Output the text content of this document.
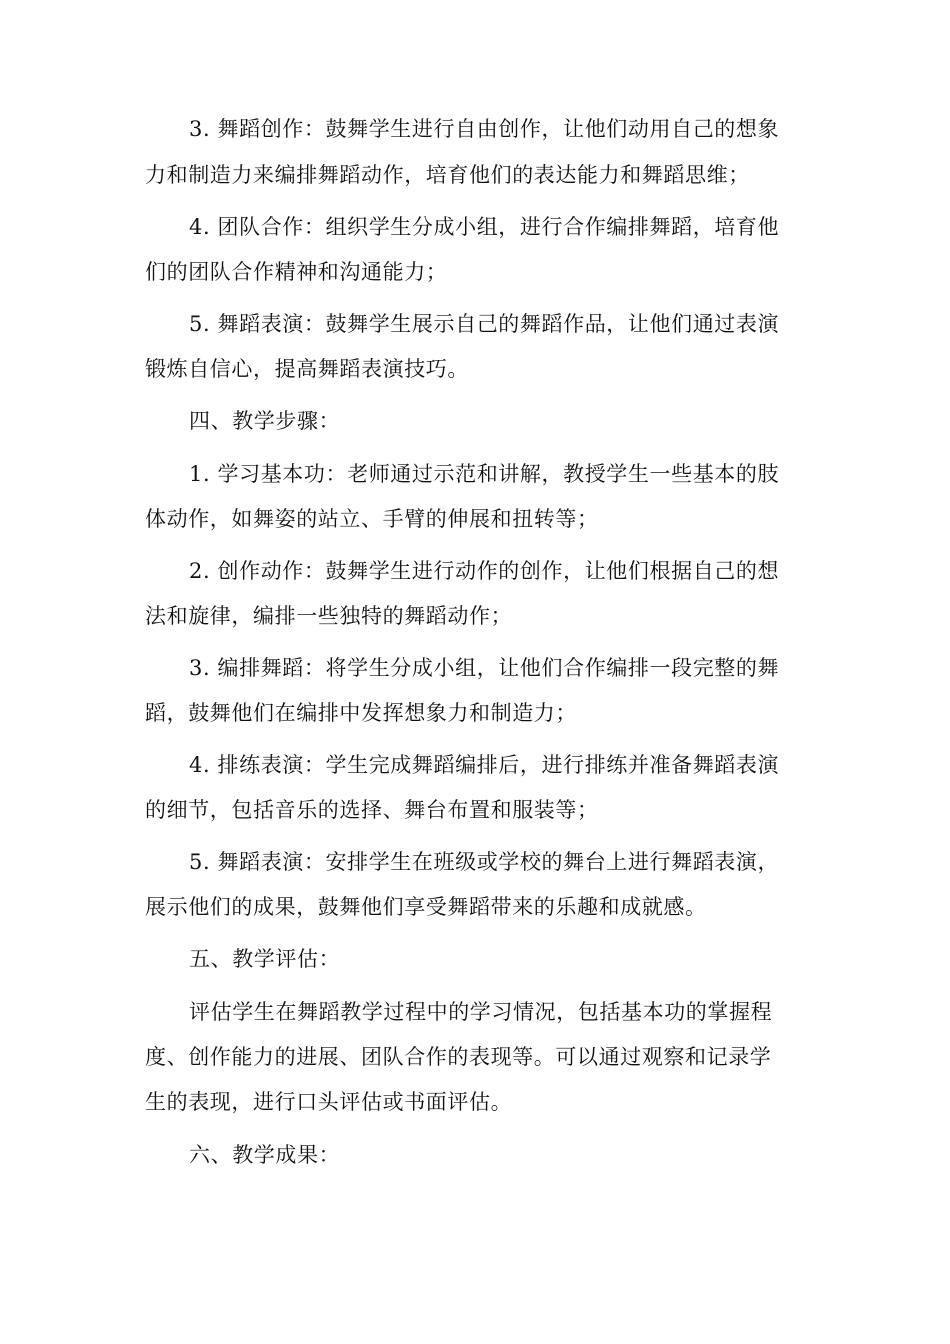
3. 舞蹈创作：鼓舞学生进行自由创作，让他们动用自己的想象
力和制造力来编排舞蹈动作，培育他们的表达能力和舞蹈思维；
4. 团队合作：组织学生分成小组，进行合作编排舞蹈，培育他
们的团队合作精神和沟通能力；
5. 舞蹈表演：鼓舞学生展示自己的舞蹈作品，让他们通过表演
锻炼自信心，提高舞蹈表演技巧。
四、教学步骤：
1. 学习基本功：老师通过示范和讲解，教授学生一些基本的肢
体动作，如舞姿的站立、手臂的伸展和扭转等；
2. 创作动作：鼓舞学生进行动作的创作，让他们根据自己的想
法和旋律，编排一些独特的舞蹈动作；
3. 编排舞蹈：将学生分成小组，让他们合作编排一段完整的舞
蹈，鼓舞他们在编排中发挥想象力和制造力；
4. 排练表演：学生完成舞蹈编排后，进行排练并准备舞蹈表演
的细节，包括音乐的选择、舞台布置和服装等；
5. 舞蹈表演：安排学生在班级或学校的舞台上进行舞蹈表演，
展示他们的成果，鼓舞他们享受舞蹈带来的乐趣和成就感。
五、教学评估：
评估学生在舞蹈教学过程中的学习情况，包括基本功的掌握程
度、创作能力的进展、团队合作的表现等。可以通过观察和记录学
生的表现，进行口头评估或书面评估。
六、教学成果：
